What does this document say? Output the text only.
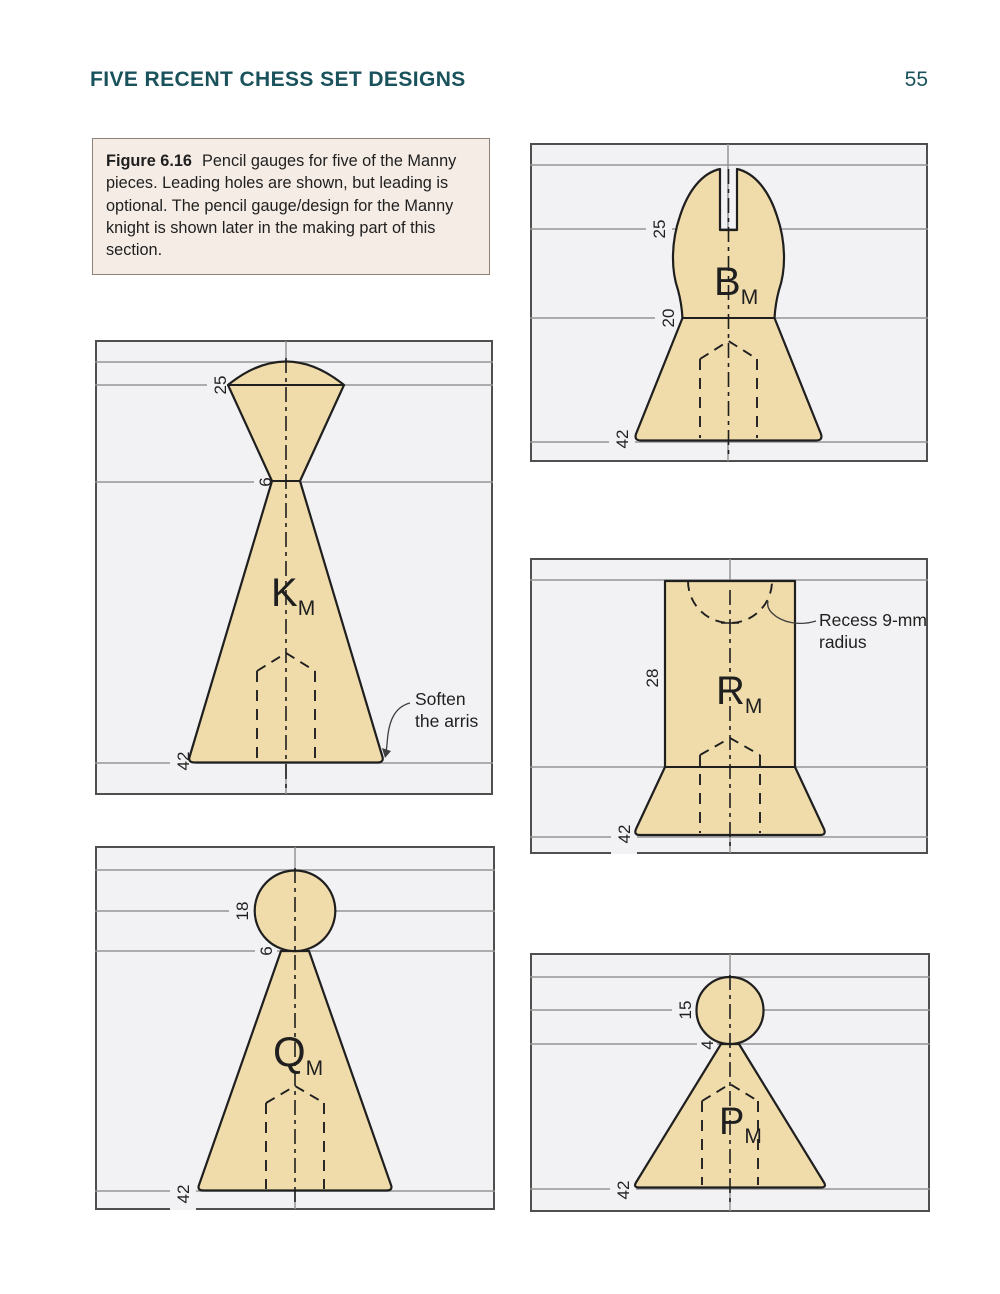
FIVE RECENT CHESS SET DESIGNS	55
Figure 6.16 Pencil gauges for five of the Manny pieces. Leading holes are shown, but leading is optional. The pencil gauge/design for the Manny knight is shown later in the making part of this section.
25
6
42
$K_M$
Soften
the arris
25
20
42
$B_M$
28
42
$R_M$
Recess 9-mm
radius
18
6
42
$Q_M$
15
4
42
$P_M$
